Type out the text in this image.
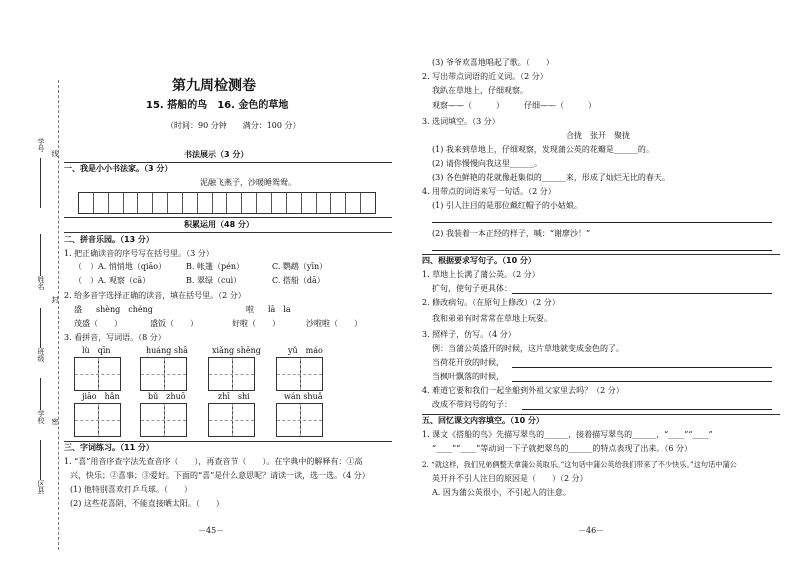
学号
线
姓名
封
班级
学校 密
区县
第九周检测卷
15. 搭船的鸟　16. 金色的草地
（时间：90 分钟　　满分：100 分）
书法展示（3 分）
一、我是小小书法家。（3 分）
泥融飞燕子，沙暖睡鸳鸯。
积累运用（48 分）
二、拼音乐园。（13 分）
1. 把正确读音的序号写在括号里。（3 分）
（　）A. 悄悄地（qiāo） B. 帐篷（pén）	C. 鹦鹉（yīn）
（　）A. 观察（cā）	B. 翠绿（cuì）	C. 搭船（dā）
2. 给多音字选择正确的读音，填在括号里。（2 分）
盛 shèng　chéng	啦 lā　la
茂盛（　　）	盛饭（　　）	好啦（　　）	沙啦啦（　　）
3. 看拼音，写词语。（8 分）
lù　qīn	huáng shā	xiǎng shēng	yǔ　máo
jiāo　hǎn	bǔ　zhuō	zhī　shi	wán shuǎ
三、字词练习。（11 分）
1. “喜”用音序查字法先查音序（　　），再查音节（　　）。在字典中的解释有：①高
兴，快乐；②喜事；③爱好。下面的“喜”是什么意思呢？请读一读，选一选。（4 分）
(1) 他特别喜欢打乒乓球。（　　）
(2) 这些花喜阴，不能直接晒太阳。（　　）
－45－
(3) 爷爷欢喜地唱起了歌。（　　）
2. 写出带点词语的近义词。（2 分）
我趴在草地上，仔细观察。
观察——（　　　）　　　仔细——（　　　）
3. 选词填空。（3 分）
合拢　张开　聚拢
(1) 我来到草地上，仔细观察，发现蒲公英的花瓣是______的。
(2) 请你慢慢向我这里______。
(3) 各色鲜艳的花就像赶集似的______来，形成了灿烂无比的春天。
4. 用带点的词语来写一句话。（2 分）
(1) 引人注目的是那位戴红帽子的小姑娘。
(2) 我装着一本正经的样子，喊：“谢廖沙！”
四、根据要求写句子。（10 分）
1. 草地上长满了蒲公英。（2 分）
扩句，使句子更具体：
2. 修改病句。（在原句上修改）（2 分）
我和弟弟有时常常在草地上玩耍。
3. 照样子，仿写。（4 分）
例：当蒲公英盛开的时候，这片草地就变成金色的了。
当荷花开放的时候，
当枫叶飘落的时候，
4. 难道它要和我们一起坐船到外祖父家里去吗？（2 分）
改成不带问号的句子：
五、回忆课文内容填空。（10 分）
1. 课文《搭船的鸟》先描写翠鸟的______，接着描写翠鸟的______，“____”“____”
“____”“____”等动词一下子就把翠鸟的______的特点表现了出来。（6 分）
2. “就这样，我们兄弟俩整天拿蒲公英取乐。”这句话中蒲公英给我们带来了不少快乐。”这句话中蒲公
英开并不引人注目的原因是（　　）（2 分）
A. 因为蒲公英很小，不引起人的注意。
－46－
